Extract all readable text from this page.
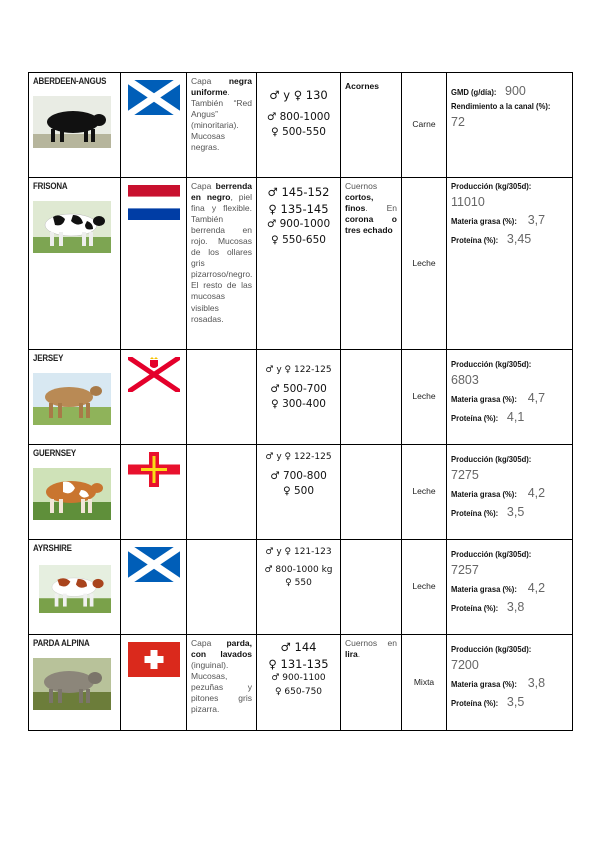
ABERDEEN-ANGUS		Capa negra uniforme. También “Red Angus” (minoritaria). Mucosas negras.	♂ y ♀ 130
♂ 800-1000
♀ 500-550	Acornes	Carne	GMD (g/día): 900
Rendimiento a la canal (%):
72

FRISONA		Capa berrenda en negro, piel fina y flexible. También berrenda en rojo. Mucosas de los ollares gris pizarroso/negro. El resto de las mucosas visibles rosadas.	♂ 145-152
♀ 135-145
♂ 900-1000
♀ 550-650	Cuernos cortos, finos. En corona o tres echado	Leche	Producción (kg/305d):
11010
Materia grasa (%): 3,7
Proteína (%): 3,45

JERSEY			♂ y ♀ 122-125
♂ 500-700
♀ 300-400		Leche	Producción (kg/305d):
6803
Materia grasa (%): 4,7
Proteína (%): 4,1

GUERNSEY			♂ y ♀ 122-125
♂ 700-800
♀ 500		Leche	Producción (kg/305d):
7275
Materia grasa (%): 4,2
Proteína (%): 3,5

AYRSHIRE			♂ y ♀ 121-123
♂ 800-1000 kg
♀ 550		Leche	Producción (kg/305d):
7257
Materia grasa (%): 4,2
Proteína (%): 3,8

PARDA ALPINA		Capa parda, con lavados (inguinal). Mucosas, pezuñas y pitones gris pizarra.	♂ 144
♀ 131-135
♂ 900-1100
♀ 650-750	Cuernos en lira.	Mixta	Producción (kg/305d):
7200
Materia grasa (%): 3,8
Proteína (%): 3,5
